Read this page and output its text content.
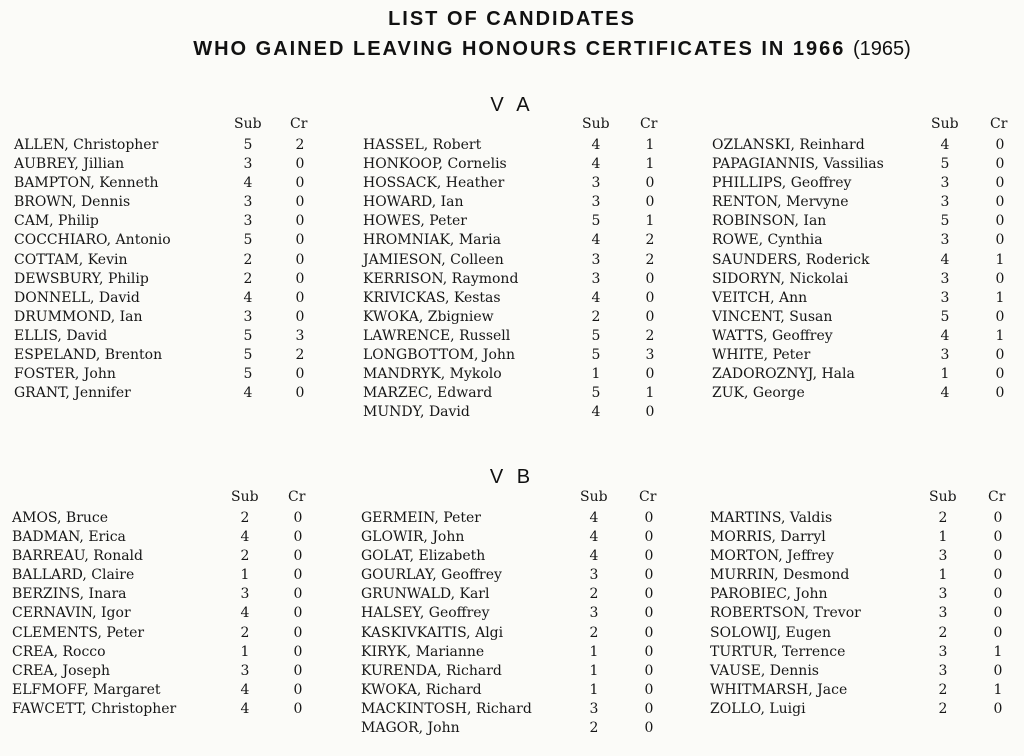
LIST OF CANDIDATES
WHO GAINED LEAVING HONOURS CERTIFICATES IN 1966 (1965)
V A
V B
Sub Cr
ALLEN, Christopher	5	2
AUBREY, Jillian	3	0
BAMPTON, Kenneth	4	0
BROWN, Dennis	3	0
CAM, Philip	3	0
COCCHIARO, Antonio	5	0
COTTAM, Kevin	2	0
DEWSBURY, Philip	2	0
DONNELL, David	4	0
DRUMMOND, Ian	3	0
ELLIS, David	5	3
ESPELAND, Brenton	5	2
FOSTER, John	5	0
GRANT, Jennifer	4	0
Sub Cr
HASSEL, Robert	4	1
HONKOOP, Cornelis	4	1
HOSSACK, Heather	3	0
HOWARD, Ian	3	0
HOWES, Peter	5	1
HROMNIAK, Maria	4	2
JAMIESON, Colleen	3	2
KERRISON, Raymond	3	0
KRIVICKAS, Kestas	4	0
KWOKA, Zbigniew	2	0
LAWRENCE, Russell	5	2
LONGBOTTOM, John	5	3
MANDRYK, Mykolo	1	0
MARZEC, Edward	5	1
MUNDY, David	4	0
Sub Cr
OZLANSKI, Reinhard	4	0
PAPAGIANNIS, Vassilias	5	0
PHILLIPS, Geoffrey	3	0
RENTON, Mervyne	3	0
ROBINSON, Ian	5	0
ROWE, Cynthia	3	0
SAUNDERS, Roderick	4	1
SIDORYN, Nickolai	3	0
VEITCH, Ann	3	1
VINCENT, Susan	5	0
WATTS, Geoffrey	4	1
WHITE, Peter	3	0
ZADOROZNYJ, Hala	1	0
ZUK, George	4	0
Sub Cr
AMOS, Bruce	2	0
BADMAN, Erica	4	0
BARREAU, Ronald	2	0
BALLARD, Claire	1	0
BERZINS, Inara	3	0
CERNAVIN, Igor	4	0
CLEMENTS, Peter	2	0
CREA, Rocco	1	0
CREA, Joseph	3	0
ELFMOFF, Margaret	4	0
FAWCETT, Christopher	4	0
Sub Cr
GERMEIN, Peter	4	0
GLOWIR, John	4	0
GOLAT, Elizabeth	4	0
GOURLAY, Geoffrey	3	0
GRUNWALD, Karl	2	0
HALSEY, Geoffrey	3	0
KASKIVKAITIS, Algi	2	0
KIRYK, Marianne	1	0
KURENDA, Richard	1	0
KWOKA, Richard	1	0
MACKINTOSH, Richard	3	0
MAGOR, John	2	0
Sub Cr
MARTINS, Valdis	2	0
MORRIS, Darryl	1	0
MORTON, Jeffrey	3	0
MURRIN, Desmond	1	0
PAROBIEC, John	3	0
ROBERTSON, Trevor	3	0
SOLOWIJ, Eugen	2	0
TURTUR, Terrence	3	1
VAUSE, Dennis	3	0
WHITMARSH, Jace	2	1
ZOLLO, Luigi	2	0
